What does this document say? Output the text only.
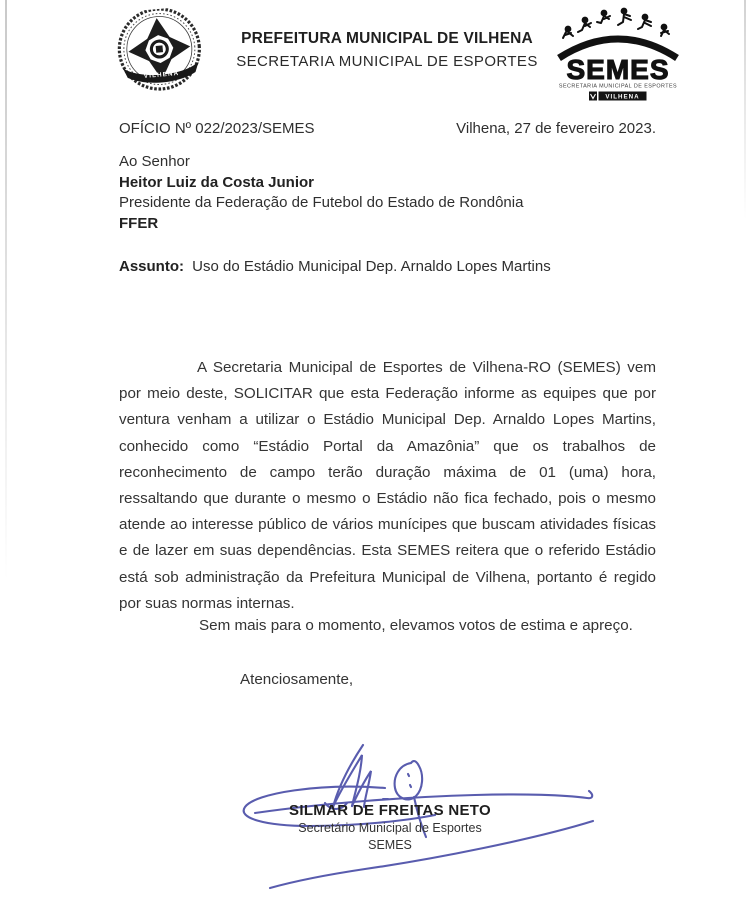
VILHENA
PREFEITURA MUNICIPAL DE VILHENA
SECRETARIA MUNICIPAL DE ESPORTES	SEMES
SECRETARIA MUNICIPAL DE ESPORTES
VILHENA
OFÍCIO Nº 022/2023/SEMES	Vilhena, 27 de fevereiro 2023.
Ao Senhor
Heitor Luiz da Costa Junior
Presidente da Federação de Futebol do Estado de Rondônia
FFER
Assunto: Uso do Estádio Municipal Dep. Arnaldo Lopes Martins

A Secretaria Municipal de Esportes de Vilhena-RO (SEMES) vem por meio deste, SOLICITAR que esta Federação informe as equipes que por ventura venham a utilizar o Estádio Municipal Dep. Arnaldo Lopes Martins, conhecido como “Estádio Portal da Amazônia” que os trabalhos de reconhecimento de campo terão duração máxima de 01 (uma) hora, ressaltando que durante o mesmo o Estádio não fica fechado, pois o mesmo atende ao interesse público de vários munícipes que buscam atividades físicas e de lazer em suas dependências. Esta SEMES reitera que o referido Estádio está sob administração da Prefeitura Municipal de Vilhena, portanto é regido por suas normas internas.

Sem mais para o momento, elevamos votos de estima e apreço.
Atenciosamente,
SILMAR DE FREITAS NETO
Secretário Municipal de Esportes
SEMES
